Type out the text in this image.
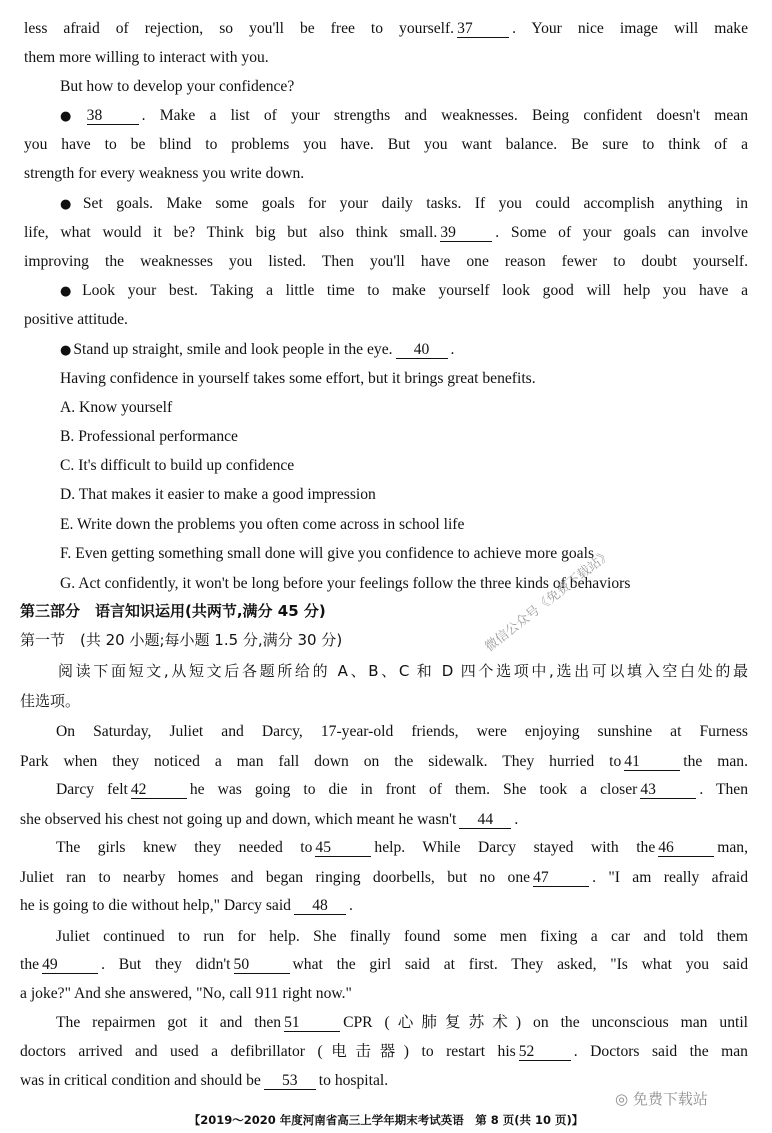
less afraid of rejection, so you'll be free to yourself. 37	. Your nice image will make
them more willing to interact with you.
But how to develop your confidence?
● 38	. Make a list of your strengths and weaknesses. Being confident doesn't mean
you have to be blind to problems you have. But you want balance. Be sure to think of a
strength for every weakness you write down.
● Set goals. Make some goals for your daily tasks. If you could accomplish anything in
life, what would it be? Think big but also think small. 39	. Some of your goals can involve
improving the weaknesses you listed. Then you'll have one reason fewer to doubt yourself.
● Look your best. Taking a little time to make yourself look good will help you have a
positive attitude.
● Stand up straight, smile and look people in the eye. 40 .
Having confidence in yourself takes some effort, but it brings great benefits.
A. Know yourself
B. Professional performance
C. It's difficult to build up confidence
D. That makes it easier to make a good impression
E. Write down the problems you often come across in school life
F. Even getting something small done will give you confidence to achieve more goals
G. Act confidently, it won't be long before your feelings follow the three kinds of behaviors
第三部分　语言知识运用(共两节,满分 45 分)
第一节　(共 20 小题;每小题 1.5 分,满分 30 分)
阅读下面短文,从短文后各题所给的 A、B、C 和 D 四个选项中,选出可以填入空白处的最
佳选项。
On Saturday, Juliet and Darcy, 17-year-old friends, were enjoying sunshine at Furness
Park when they noticed a man fall down on the sidewalk. They hurried to 41	the man.
Darcy felt 42	he was going to die in front of them. She took a closer 43	. Then
she observed his chest not going up and down, which meant he wasn't 44 .
The girls knew they needed to 45	help. While Darcy stayed with the 46	man,
Juliet ran to nearby homes and began ringing doorbells, but no one 47	. "I am really afraid
he is going to die without help," Darcy said 48 .
Juliet continued to run for help. She finally found some men fixing a car and told them
the 49	. But they didn't 50	what the girl said at first. They asked, "Is what you said
a joke?" And she answered, "No, call 911 right now."
The repairmen got it and then 51	CPR (心肺复苏术) on the unconscious man until
doctors arrived and used a defibrillator (电击器) to restart his 52	. Doctors said the man
was in critical condition and should be 53 to hospital.
微信公众号《免费下载站》
◎ 免费下载站
【2019～2020 年度河南省高三上学年期末考试英语　第 8 页(共 10 页)】
